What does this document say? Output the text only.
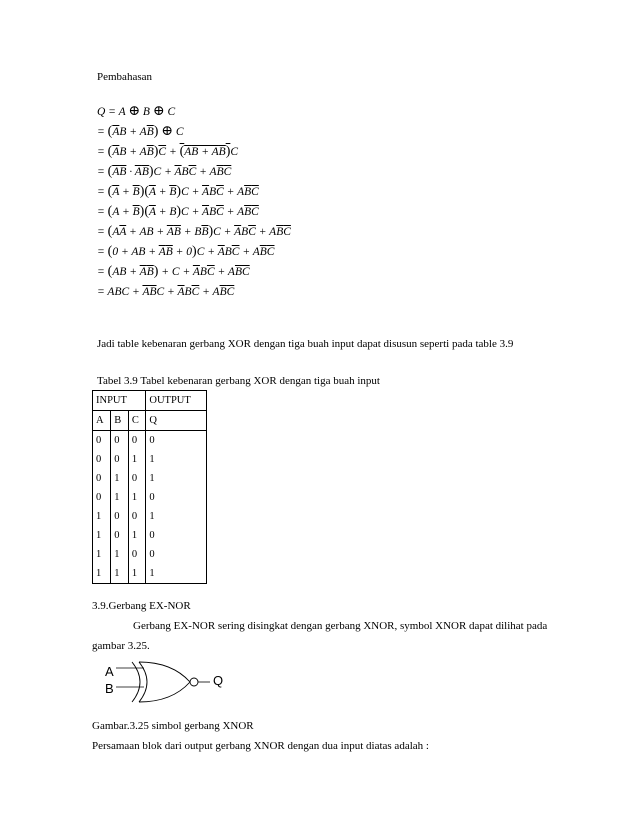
Pembahasan
Q = A ⊕ B ⊕ C
= $(\overline{A}B + A\overline{B})$ ⊕ C
= $(\overline{A}B + A\overline{B})\overline{C} + (AB + AB)C$
= $(AB \cdot AB)C + \overline{A}B\overline{C} + A\overline{B}\overline{C}$
= $(A + \overline{B})(\overline{A} + B)C + \overline{A}B\overline{C} + A\overline{B}\overline{C}$
= $(A + \overline{B})(\overline{A} + B)C + \overline{A}B\overline{C} + A\overline{B}\overline{C}$
= ($A\overline{A}$ + AB + $\overline{A}\overline{B} + B\overline{B})C + \overline{A}B\overline{C} + A\overline{B}\overline{C}$
= (0 + AB + $\overline{A}\overline{B} + 0)C + \overline{A}B\overline{C} + A\overline{B}\overline{C}$
= $(AB + \overline{A}\overline{B}) + C + \overline{A}B\overline{C} + A\overline{B}\overline{C}$
= ABC + $\overline{A}\overline{B}C + \overline{A}B\overline{C} + A\overline{B}\overline{C}$
Jadi table kebenaran gerbang XOR dengan tiga buah input dapat disusun seperti pada table 3.9
Tabel 3.9 Tabel kebenaran gerbang XOR dengan tiga buah input
INPUT			OUTPUT
A	B	C	Q
0	0	0	0
0	0	1	1
0	1	0	1
0	1	1	0
1	0	0	1
1	0	1	0
1	1	0	0
1	1	1	1
3.9.Gerbang EX-NOR
Gerbang EX-NOR sering disingkat dengan gerbang XNOR, symbol XNOR dapat dilihat pada
gambar 3.25.
A
B
Q
Gambar.3.25 simbol gerbang XNOR
Persamaan blok dari output gerbang XNOR dengan dua input diatas adalah :
